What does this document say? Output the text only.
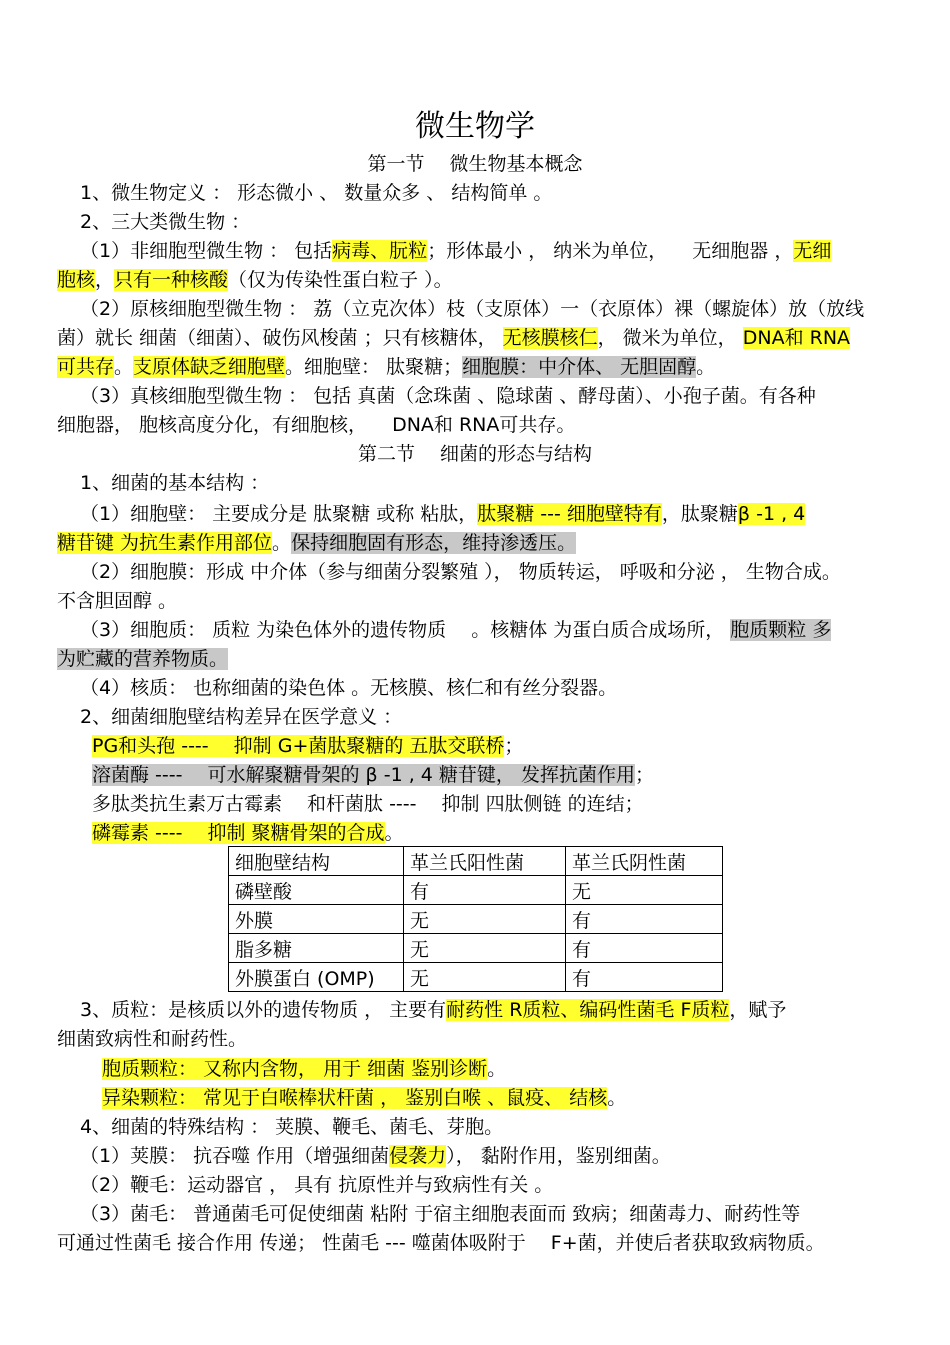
微生物学
第一节　 微生物基本概念
1、微生物定义 ： 形态微小 、 数量众多 、 结构简单 。
2、三大类微生物 ：
（1）非细胞型微生物 ： 包括病毒、朊粒；形体最小 ， 纳米为单位， 　无细胞器 ，无细
胞核，只有一种核酸（仅为传染性蛋白粒子 ）。
（2）原核细胞型微生物 ： 荔（立克次体）枝（支原体）一（衣原体）裸（螺旋体）放（放线
菌）就长 细菌（细菌）、破伤风梭菌 ；只有核糖体， 无核膜核仁， 微米为单位， DNA和 RNA
可共存。支原体缺乏细胞壁。细胞壁： 肽聚糖；细胞膜：中介体、 无胆固醇。
（3）真核细胞型微生物 ： 包括 真菌（念珠菌 、隐球菌 、酵母菌）、小孢子菌。有各种
细胞器， 胞核高度分化，有细胞核， 　DNA和 RNA可共存。
第二节　 细菌的形态与结构
1、细菌的基本结构 ：
（1）细胞壁： 主要成分是 肽聚糖 或称 粘肽，肽聚糖 --- 细胞壁特有，肽聚糖β -1 , 4
糖苷键 为抗生素作用部位。保持细胞固有形态，维持渗透压。
（2）细胞膜：形成 中介体（参与细菌分裂繁殖 ）， 物质转运， 呼吸和分泌 ， 生物合成。
不含胆固醇 。
（3）细胞质： 质粒 为染色体外的遗传物质 　。核糖体 为蛋白质合成场所， 胞质颗粒 多
为贮藏的营养物质。
（4）核质： 也称细菌的染色体 。无核膜、核仁和有丝分裂器。
2、细菌细胞壁结构差异在医学意义 ：
PG和头孢 ---- 　抑制 G+菌肽聚糖的 五肽交联桥；
溶菌酶 ---- 　可水解聚糖骨架的 β -1 , 4 糖苷键， 发挥抗菌作用；
多肽类抗生素万古霉素 　和杆菌肽 ---- 　抑制 四肽侧链 的连结；
磷霉素 ---- 　抑制 聚糖骨架的合成。
细胞壁结构	革兰氏阳性菌	革兰氏阴性菌
磷壁酸	有	无
外膜	无	有
脂多糖	无	有
外膜蛋白 (OMP)	无	有
3、质粒：是核质以外的遗传物质 ， 主要有耐药性 R质粒、编码性菌毛 F质粒，赋予
细菌致病性和耐药性。
胞质颗粒： 又称内含物， 用于 细菌 鉴别诊断。
异染颗粒： 常见于白喉棒状杆菌 ， 鉴别白喉 、鼠疫、 结核。
4、细菌的特殊结构 ： 荚膜、鞭毛、菌毛、芽胞。
（1）荚膜： 抗吞噬 作用（增强细菌侵袭力）， 黏附作用，鉴别细菌。
（2）鞭毛：运动器官 ， 具有 抗原性并与致病性有关 。
（3）菌毛： 普通菌毛可促使细菌 粘附 于宿主细胞表面而 致病；细菌毒力、耐药性等
可通过性菌毛 接合作用 传递； 性菌毛 --- 噬菌体吸附于 　F+菌，并使后者获取致病物质。
